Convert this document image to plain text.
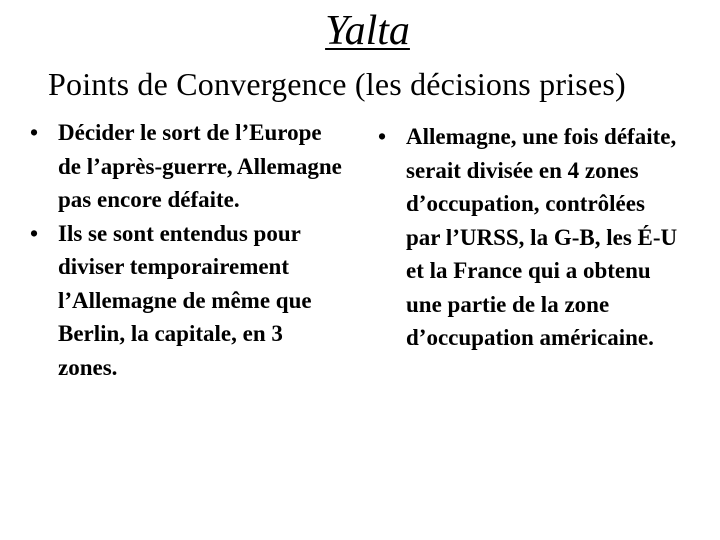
Yalta
Points de Convergence (les décisions prises)
• Décider le sort de l’Europe de l’après-guerre, Allemagne pas encore défaite.
• Ils se sont entendus pour diviser temporairement l’Allemagne de même que Berlin, la capitale, en 3 zones.
• Allemagne, une fois défaite, serait divisée en 4 zones d’occupation, contrôlées par l’URSS, la G-B, les É-U et la France qui a obtenu une partie de la zone d’occupation américaine.
